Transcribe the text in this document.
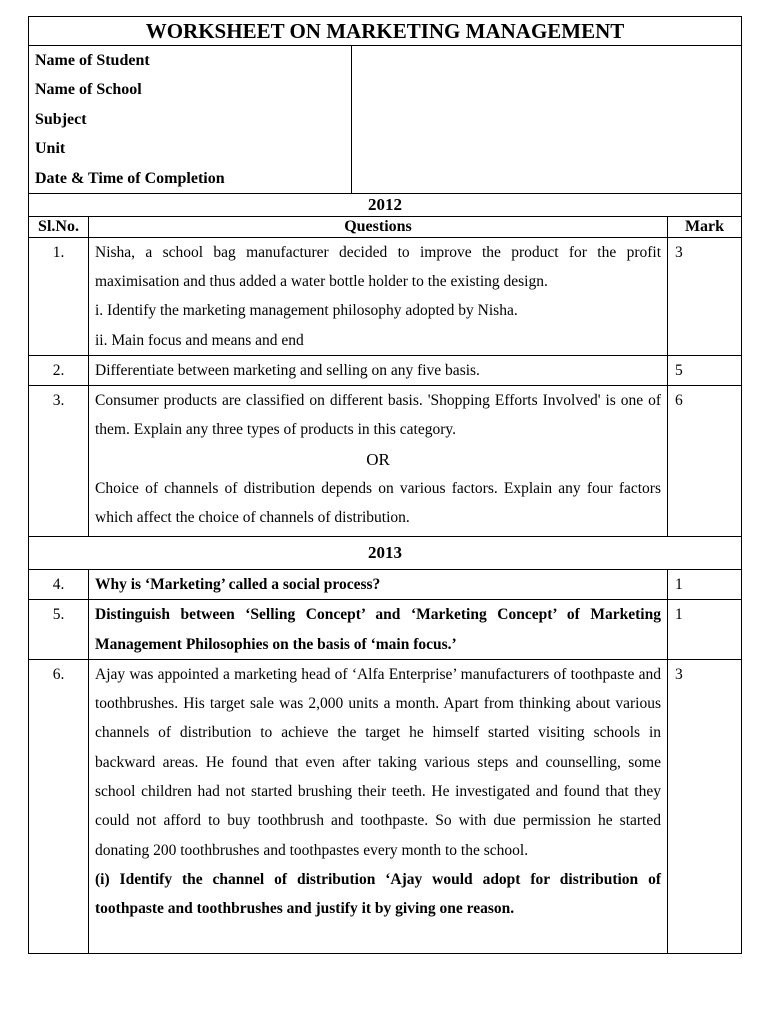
WORKSHEET ON MARKETING MANAGEMENT			

Name of Student
Name of School
Subject
Unit
Date & Time of Completion			

2012			
Sl.No.	Questions		Mark
1.	Nisha, a school bag manufacturer decided to improve the product for the profit maximisation and thus added a water bottle holder to the existing design.

i. Identify the marketing management philosophy adopted by Nisha.

ii. Main focus and means and end		3
2.	Differentiate between marketing and selling on any five basis.		5
3.	Consumer products are classified on different basis. 'Shopping Efforts Involved' is one of them. Explain any three types of products in this category.

OR

Choice of channels of distribution depends on various factors. Explain any four factors which affect the choice of channels of distribution.		6
2013			
4.	Why is ‘Marketing’ called a social process?		1
5.	Distinguish between ‘Selling Concept’ and ‘Marketing Concept’ of Marketing Management Philosophies on the basis of ‘main focus.’		1
6.	Ajay was appointed a marketing head of ‘Alfa Enterprise’ manufacturers of toothpaste and toothbrushes. His target sale was 2,000 units a month. Apart from thinking about various channels of distribution to achieve the target he himself started visiting schools in backward areas. He found that even after taking various steps and counselling, some school children had not started brushing their teeth. He investigated and found that they could not afford to buy toothbrush and toothpaste. So with due permission he started donating 200 toothbrushes and toothpastes every month to the school.

(i) Identify the channel of distribution ‘Ajay would adopt for distribution of toothpaste and toothbrushes and justify it by giving one reason.		3
